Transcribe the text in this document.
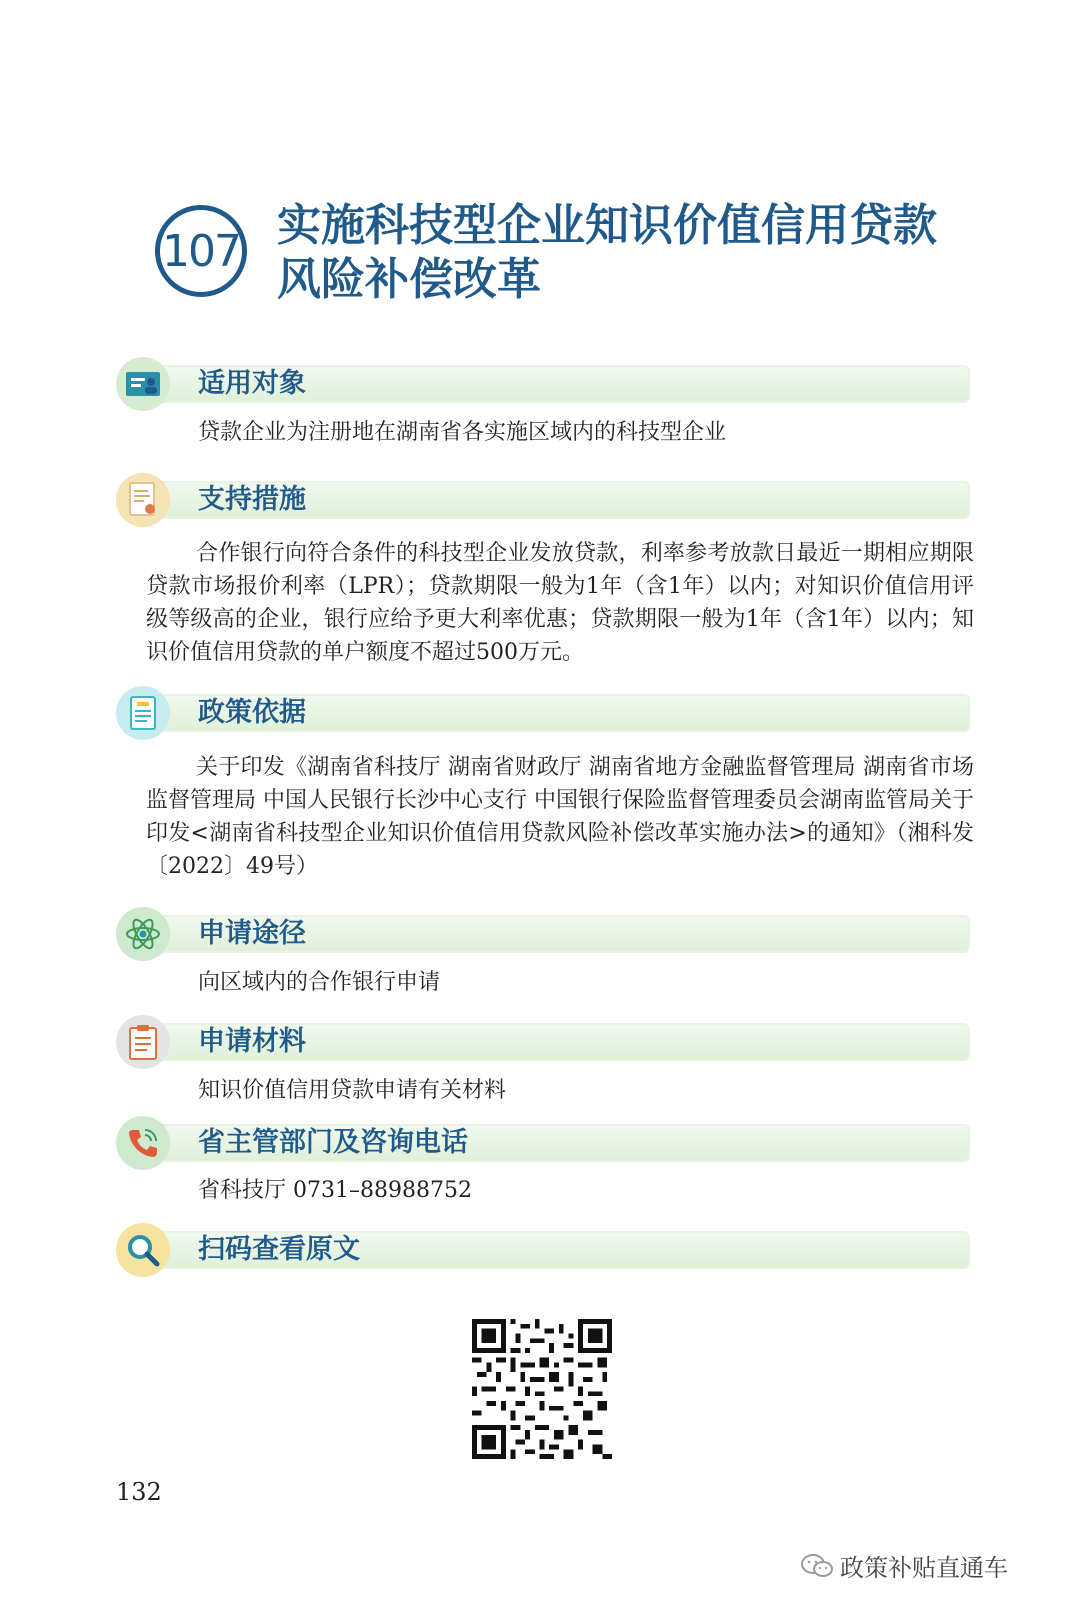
107 实施科技型企业知识价值信用贷款
风险补偿改革
适用对象
贷款企业为注册地在湖南省各实施区域内的科技型企业
支持措施
合作银行向符合条件的科技型企业发放贷款，利率参考放款日最近一期相应期限贷款市场报价利率（LPR）；贷款期限一般为1年（含1年）以内；对知识价值信用评级等级高的企业，银行应给予更大利率优惠；贷款期限一般为1年（含1年）以内；知识价值信用贷款的单户额度不超过500万元。
政策依据
关于印发《湖南省科技厅 湖南省财政厅 湖南省地方金融监督管理局 湖南省市场监督管理局 中国人民银行长沙中心支行 中国银行保险监督管理委员会湖南监管局关于印发<湖南省科技型企业知识价值信用贷款风险补偿改革实施办法>的通知》（湘科发〔2022〕49号）
申请途径
向区域内的合作银行申请
申请材料
知识价值信用贷款申请有关材料
省主管部门及咨询电话
省科技厅 0731–88988752
扫码查看原文
132
政策补贴直通车
